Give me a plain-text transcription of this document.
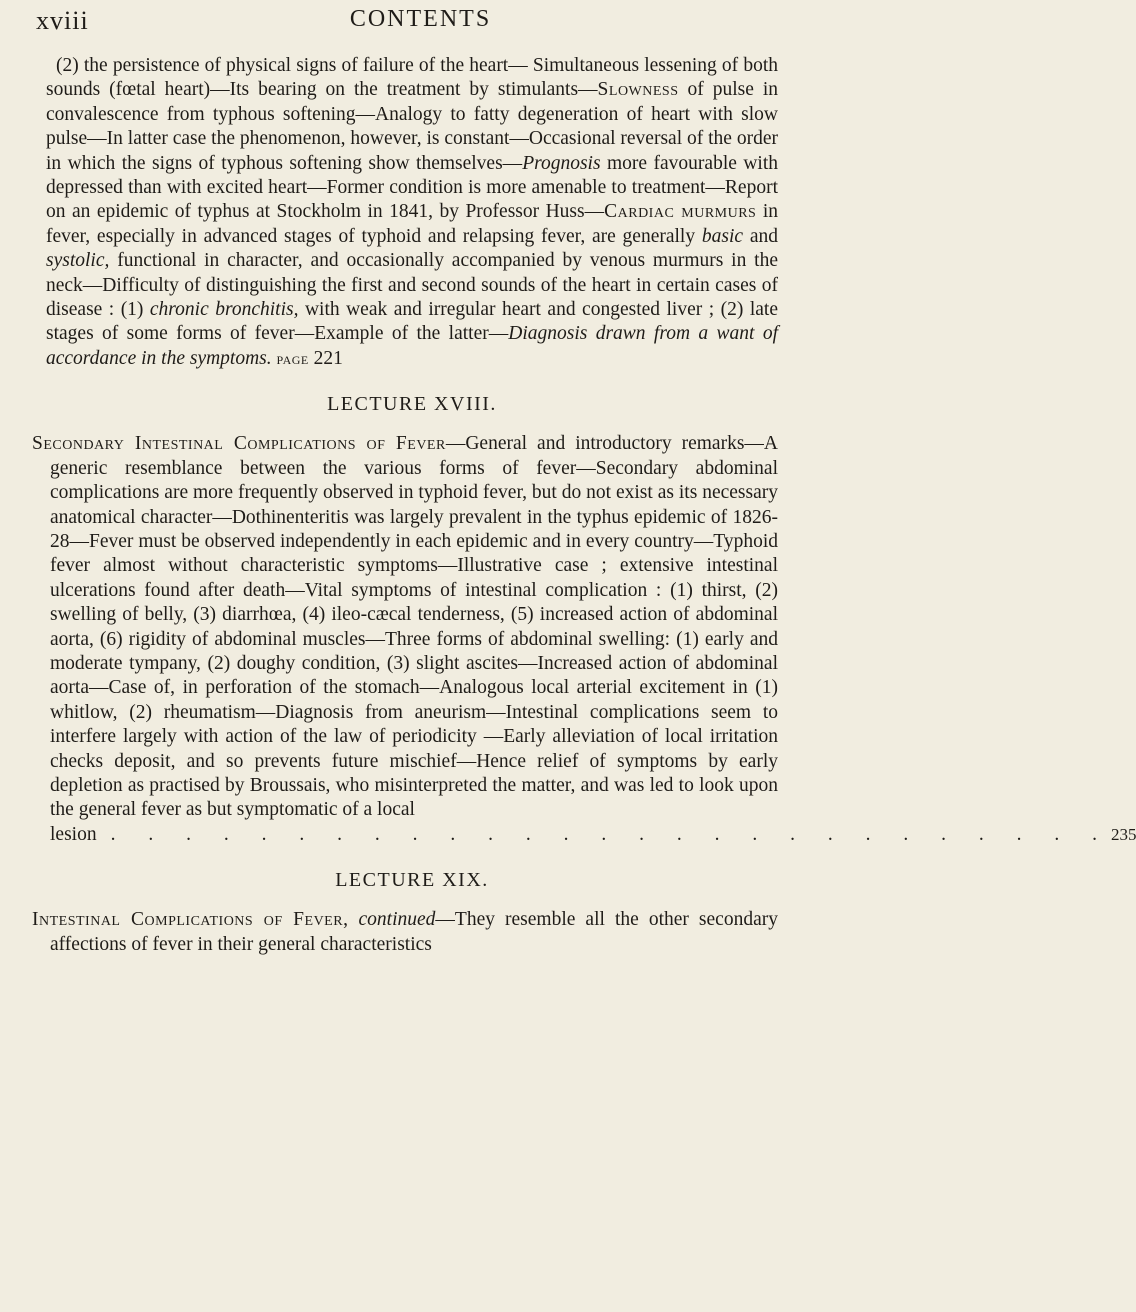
xviii	CONTENTS

(2) the persistence of physical signs of failure of the heart— Simultaneous lessening of both sounds (fœtal heart)—Its bearing on the treatment by stimulants—Slowness of pulse in convalescence from typhous softening—Analogy to fatty degeneration of heart with slow pulse—In latter case the phenomenon, however, is constant—Occasional reversal of the order in which the signs of typhous softening show themselves—Prognosis more favourable with depressed than with excited heart—Former condition is more amenable to treatment—Report on an epidemic of typhus at Stockholm in 1841, by Professor Huss—Cardiac murmurs in fever, especially in advanced stages of typhoid and relapsing fever, are generally basic and systolic, functional in character, and occasionally accompanied by venous murmurs in the neck—Difficulty of distinguishing the first and second sounds of the heart in certain cases of disease : (1) chronic bronchitis, with weak and irregular heart and congested liver ; (2) late stages of some forms of fever—Example of the latter—Diagnosis drawn from a want of accordance in the symptoms. page 221

LECTURE XVIII.

Secondary Intestinal Complications of Fever—General and introductory remarks—A generic resemblance between the various forms of fever—Secondary abdominal complications are more frequently observed in typhoid fever, but do not exist as its necessary anatomical character—Dothinenteritis was largely prevalent in the typhus epidemic of 1826-28—Fever must be observed independently in each epidemic and in every country—Typhoid fever almost without characteristic symptoms—Illustrative case ; extensive intestinal ulcerations found after death—Vital symptoms of intestinal complication : (1) thirst, (2) swelling of belly, (3) diarrhœa, (4) ileo-cæcal tenderness, (5) increased action of abdominal aorta, (6) rigidity of abdominal muscles—Three forms of abdominal swelling: (1) early and moderate tympany, (2) doughy condition, (3) slight ascites—Increased action of abdominal aorta—Case of, in perforation of the stomach—Analogous local arterial excitement in (1) whitlow, (2) rheumatism—Diagnosis from aneurism—Intestinal complications seem to interfere largely with action of the law of periodicity —Early alleviation of local irritation checks deposit, and so prevents future mischief—Hence relief of symptoms by early depletion as practised by Broussais, who misinterpreted the matter, and was led to look upon the general fever as but symptomatic of a local

lesion . . . . . . . . . . . . . . . . . . . . . . . . . . . 235
LECTURE XIX.

Intestinal Complications of Fever, continued—They resemble all the other secondary affections of fever in their general characteristics
